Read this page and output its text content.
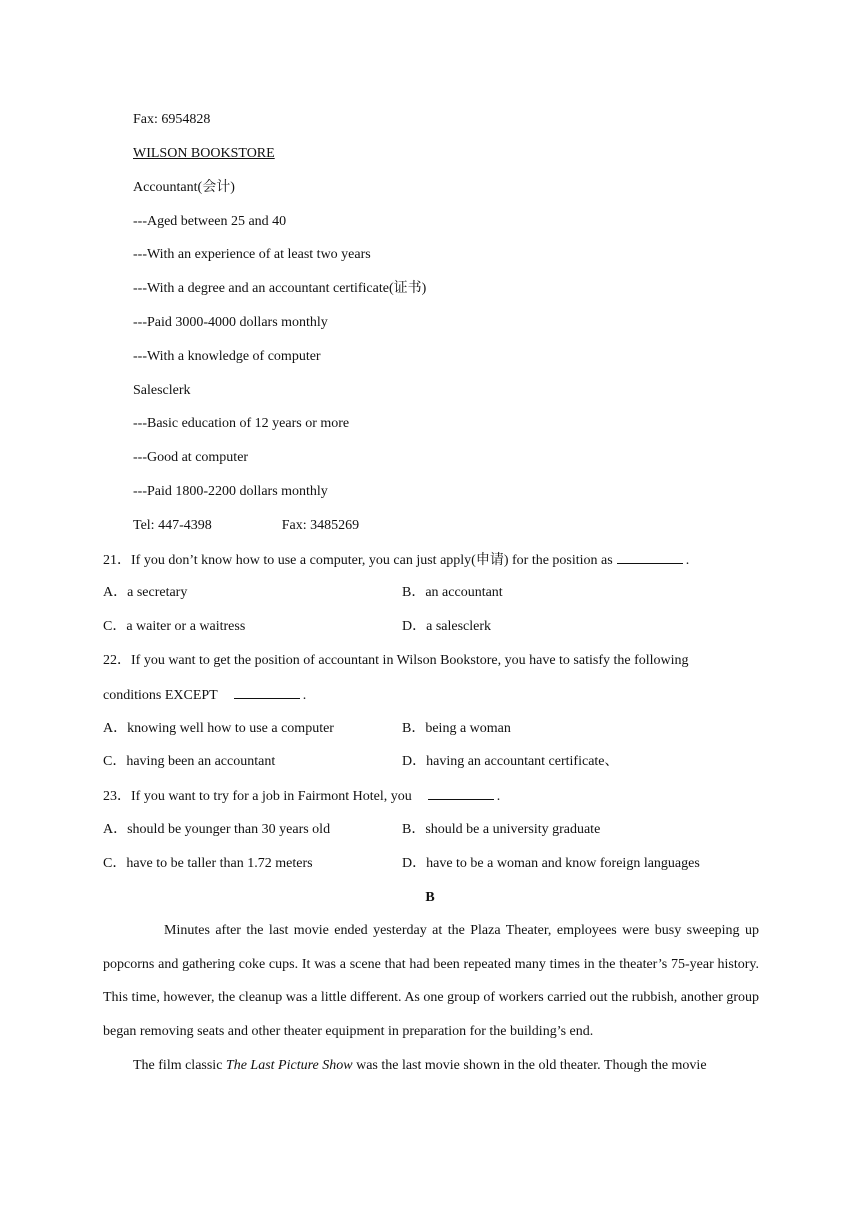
Fax: 6954828
WILSON BOOKSTORE
Accountant(会计)
---Aged between 25 and 40
---With an experience of at least two years
---With a degree and an accountant certificate(证书)
---Paid 3000-4000 dollars monthly
---With a knowledge of computer
Salesclerk
---Basic education of 12 years or more
---Good at computer
---Paid 1800-2200 dollars monthly
Tel: 447-4398	Fax: 3485269
21．If you don’t know how to use a computer, you can just apply(申请) for the position as	.
A．a secretary	B．an accountant
C．a waiter or a waitress	D．a salesclerk
22．If you want to get the position of accountant in Wilson Bookstore, you have to satisfy the following
conditions EXCEPT	.
A．knowing well how to use a computer	B．being a woman
C．having been an accountant	D．having an accountant certificate、
23．If you want to try for a job in Fairmont Hotel, you	.
A．should be younger than 30 years old	B．should be a university graduate
C．have to be taller than 1.72 meters	D．have to be a woman and know foreign languages
B

Minutes after the last movie ended yesterday at the Plaza Theater, employees were busy sweeping up popcorns and gathering coke cups. It was a scene that had been repeated many times in the theater’s 75-year history. This time, however, the cleanup was a little different. As one group of workers carried out the rubbish, another group began removing seats and other theater equipment in preparation for the building’s end.

The film classic The Last Picture Show was the last movie shown in the old theater. Though the movie
